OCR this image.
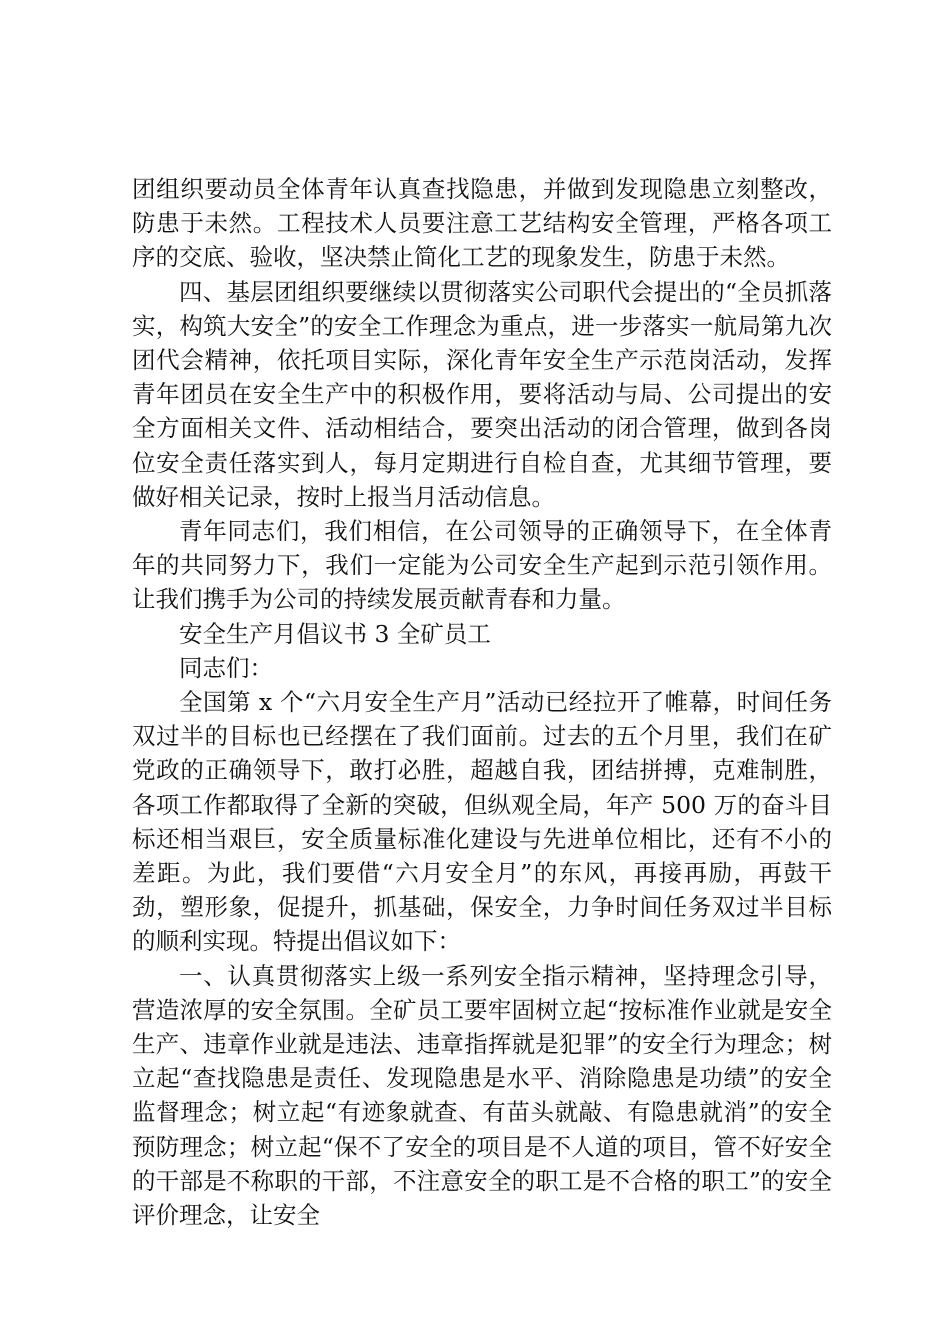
团组织要动员全体青年认真查找隐患，并做到发现隐患立刻整改，防患于未然。工程技术人员要注意工艺结构安全管理，严格各项工序的交底、验收，坚决禁止简化工艺的现象发生，防患于未然。

四、基层团组织要继续以贯彻落实公司职代会提出的“全员抓落实，构筑大安全”的安全工作理念为重点，进一步落实一航局第九次团代会精神，依托项目实际，深化青年安全生产示范岗活动，发挥青年团员在安全生产中的积极作用，要将活动与局、公司提出的安全方面相关文件、活动相结合，要突出活动的闭合管理，做到各岗位安全责任落实到人，每月定期进行自检自查，尤其细节管理，要做好相关记录，按时上报当月活动信息。

青年同志们，我们相信，在公司领导的正确领导下，在全体青年的共同努力下，我们一定能为公司安全生产起到示范引领作用。让我们携手为公司的持续发展贡献青春和力量。

安全生产月倡议书 3 全矿员工

同志们：

全国第 x 个“六月安全生产月”活动已经拉开了帷幕，时间任务双过半的目标也已经摆在了我们面前。过去的五个月里，我们在矿党政的正确领导下，敢打必胜，超越自我，团结拼搏，克难制胜，各项工作都取得了全新的突破，但纵观全局，年产 500 万的奋斗目标还相当艰巨，安全质量标准化建设与先进单位相比，还有不小的差距。为此，我们要借“六月安全月”的东风，再接再励，再鼓干劲，塑形象，促提升，抓基础，保安全，力争时间任务双过半目标的顺利实现。特提出倡议如下：

一、认真贯彻落实上级一系列安全指示精神，坚持理念引导，营造浓厚的安全氛围。全矿员工要牢固树立起“按标准作业就是安全生产、违章作业就是违法、违章指挥就是犯罪”的安全行为理念；树立起“查找隐患是责任、发现隐患是水平、消除隐患是功绩”的安全监督理念；树立起“有迹象就查、有苗头就敲、有隐患就消”的安全预防理念；树立起“保不了安全的项目是不人道的项目，管不好安全的干部是不称职的干部，不注意安全的职工是不合格的职工”的安全评价理念，让安全
